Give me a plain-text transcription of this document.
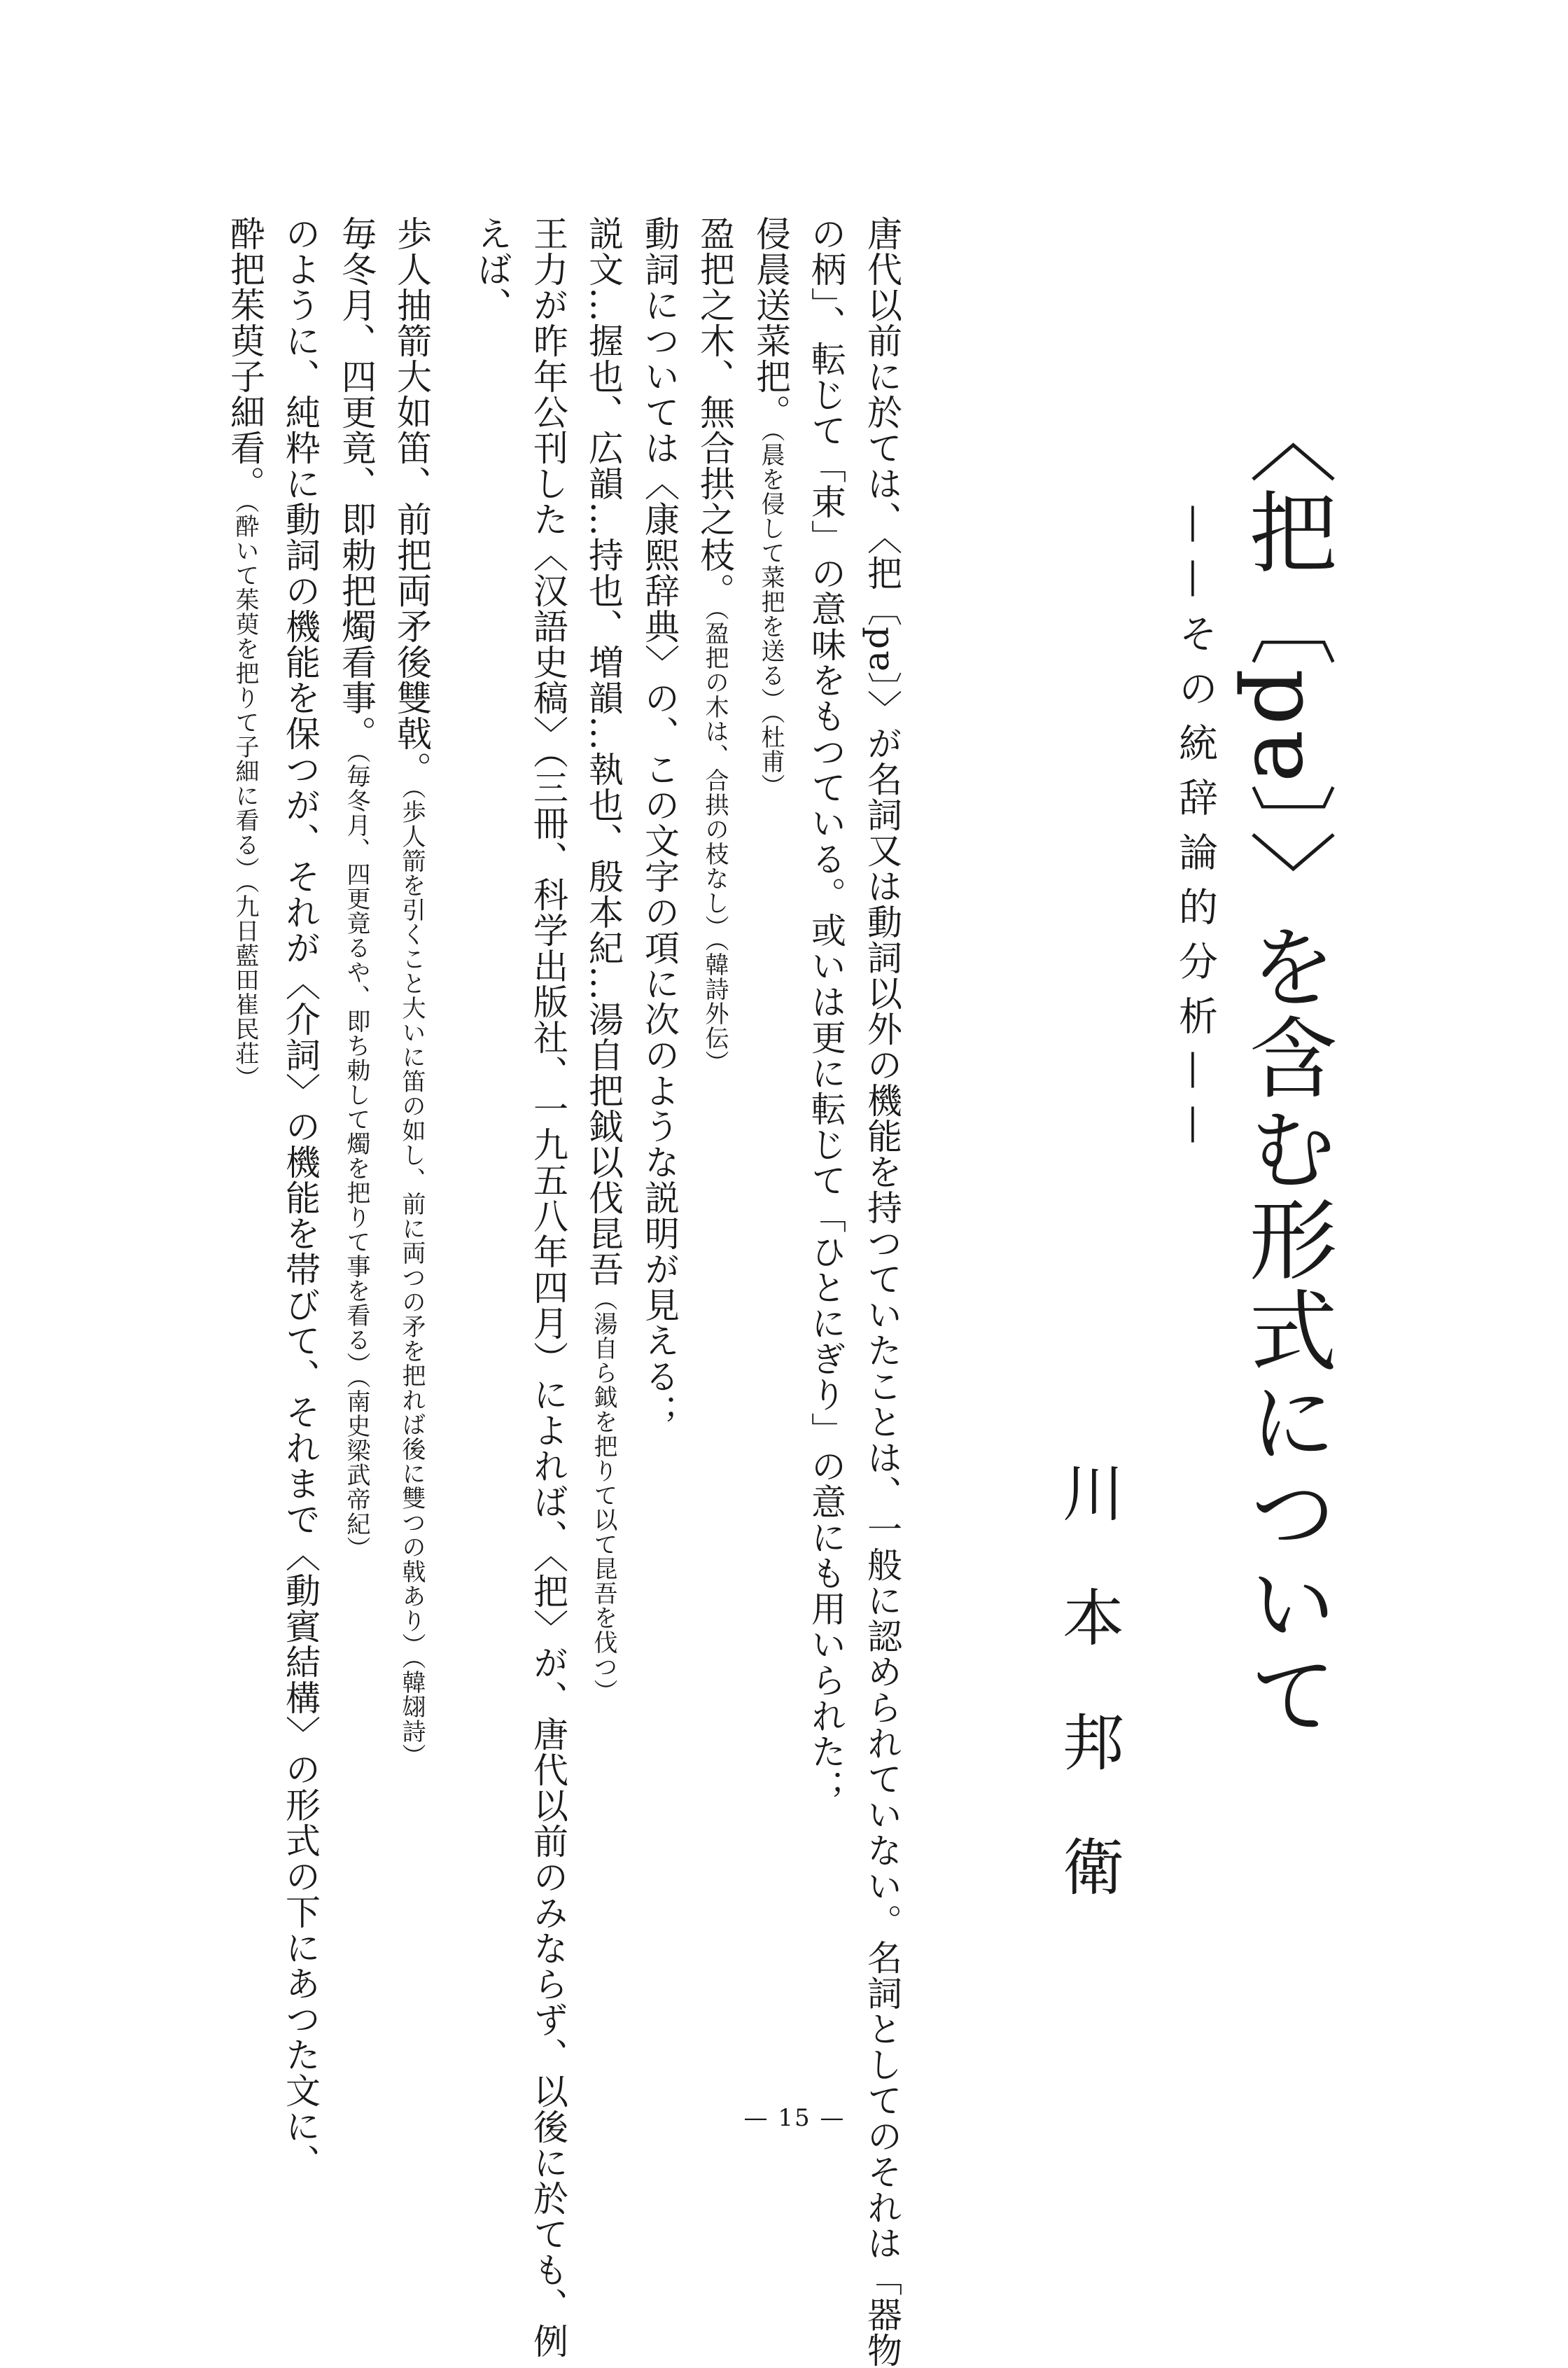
〈把〔pɐ〕〉を含む形式について
——その統辞論的分析——
川
本
邦
衛
唐代以前に於ては、〈把〔pɐ〕〉が名詞又は動詞以外の機能を持つていたことは、一般に認められていない。名詞としてのそれは「器物
の柄」、転じて「束」の意味をもつている。或いは更に転じて「ひとにぎり」の意にも用いられた；
侵晨送菜把。（晨を侵して菜把を送る）（杜甫）
盈把之木、無合拱之枝。（盈把の木は、合拱の枝なし）（韓詩外伝）
動詞については〈康熙辞典〉の、この文字の項に次のような説明が見える；
説文…握也、広韻…持也、増韻…執也、殷本紀…湯自把鉞以伐昆吾（湯自ら鉞を把りて以て昆吾を伐つ）
王力が昨年公刊した〈汉語史稿〉（三冊、科学出版社、一九五八年四月）によれば、〈把〉が、唐代以前のみならず、以後に於ても、例
えば、
歩人抽箭大如笛、前把両矛後雙戟。（歩人箭を引くこと大いに笛の如し、前に両つの矛を把れば後に雙つの戟あり）（韓翃詩）
毎冬月、四更竟、即勅把燭看事。（毎冬月、四更竟るや、即ち勅して燭を把りて事を看る）（南史梁武帝紀）
のように、純粋に動詞の機能を保つが、それが〈介詞〉の機能を帯びて、それまで〈動賓結構〉の形式の下にあつた文に、
酔把茱萸子細看。（酔いて茱萸を把りて子細に看る）（九日藍田崔民荘）
— 15 —
